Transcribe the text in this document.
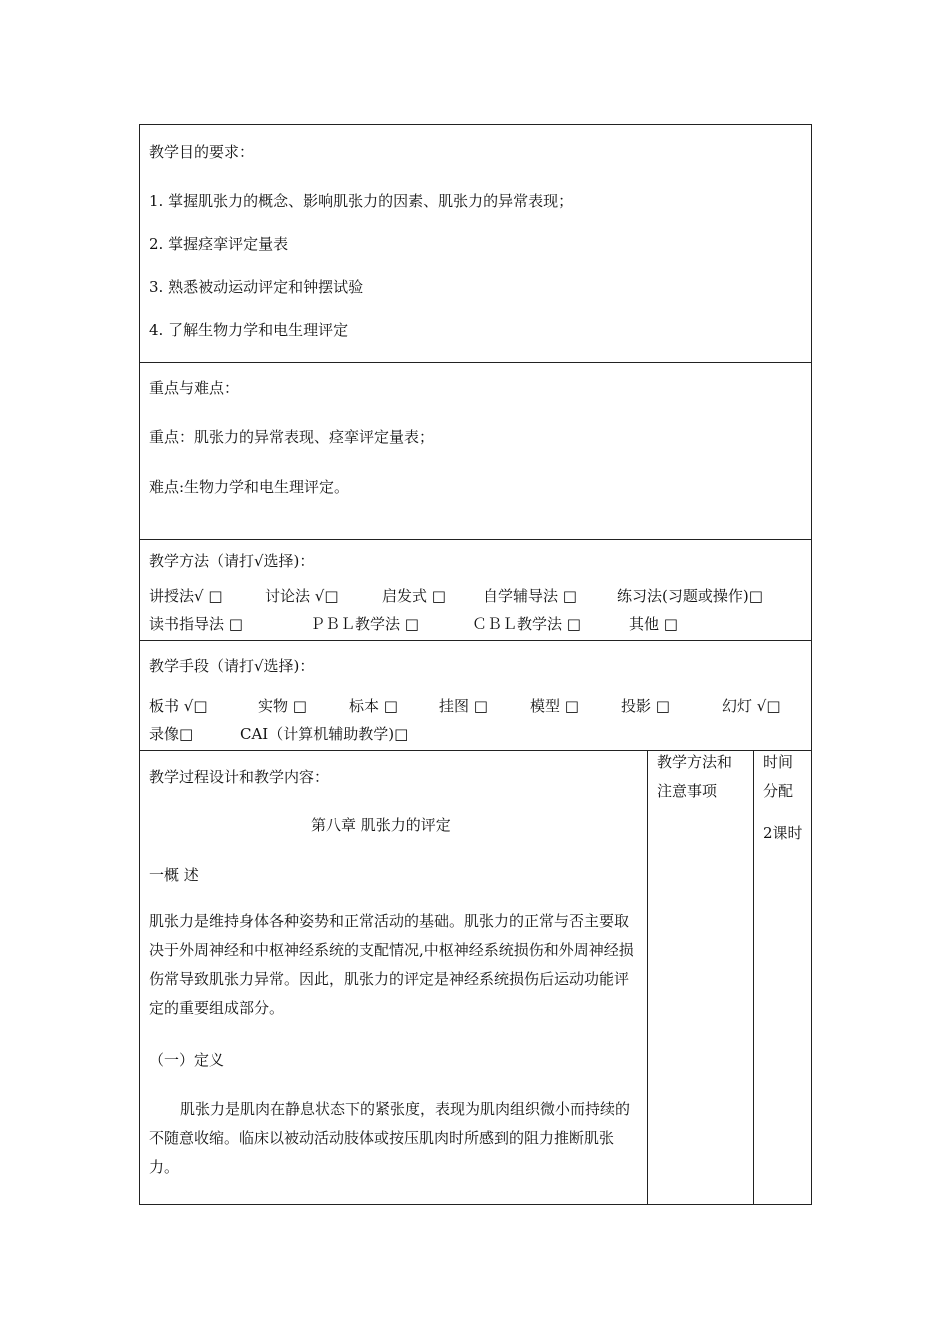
教学目的要求：
1. 掌握肌张力的概念、影响肌张力的因素、肌张力的异常表现；
2. 掌握痉挛评定量表
3. 熟悉被动运动评定和钟摆试验
4. 了解生物力学和电生理评定
重点与难点：
重点：肌张力的异常表现、痉挛评定量表；
难点:生物力学和电生理评定。
教学方法（请打√选择)：
讲授法√ □	讨论法 √□	启发式 □ 自学辅导法 □	练习法(习题或操作)□
读书指导法 □	ＰＢＬ教学法 □	ＣＢＬ教学法 □	其他 □
教学手段（请打√选择)：
板书 √□	实物 □	标本 □	挂图 □	模型 □	投影 □	幻灯 √□
录像□	CAI（计算机辅助教学)□
教学过程设计和教学内容：
第八章 肌张力的评定
一概 述
肌张力是维持身体各种姿势和正常活动的基础。肌张力的正常与否主要取决于外周神经和中枢神经系统的支配情况,中枢神经系统损伤和外周神经损伤常导致肌张力异常。因此，肌张力的评定是神经系统损伤后运动功能评定的重要组成部分。
（一）定义
肌张力是肌肉在静息状态下的紧张度，表现为肌肉组织微小而持续的不随意收缩。临床以被动活动肢体或按压肌肉时所感到的阻力推断肌张力。
教学方法和注意事项
时间分配
2课时
